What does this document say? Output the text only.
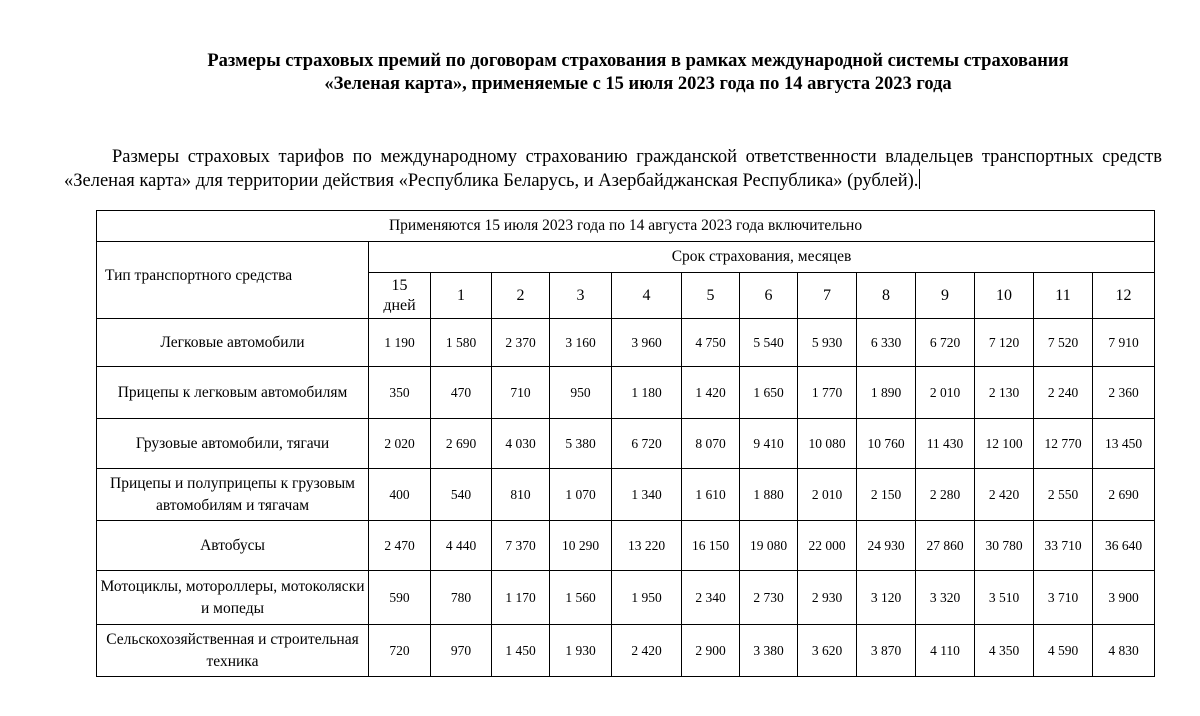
Размеры страховых премий по договорам страхования в рамках международной системы страхования
«Зеленая карта», применяемые с 15 июля 2023 года по 14 августа 2023 года
Размеры страховых тарифов по международному страхованию гражданской ответственности владельцев транспортных средств «Зеленая карта» для территории действия «Республика Беларусь, и Азербайджанская Республика» (рублей).
Применяются 15 июля 2023 года по 14 августа 2023 года включительно													
Тип транспортного средства	Срок страхования, месяцев												
	15 дней	1	2	3	4	5	6	7	8	9	10	11	12
Легковые автомобили	1 190	1 580	2 370	3 160	3 960	4 750	5 540	5 930	6 330	6 720	7 120	7 520	7 910
Прицепы к легковым автомобилям	350	470	710	950	1 180	1 420	1 650	1 770	1 890	2 010	2 130	2 240	2 360
Грузовые автомобили, тягачи	2 020	2 690	4 030	5 380	6 720	8 070	9 410	10 080	10 760	11 430	12 100	12 770	13 450
Прицепы и полуприцепы к грузовым автомобилям и тягачам	400	540	810	1 070	1 340	1 610	1 880	2 010	2 150	2 280	2 420	2 550	2 690
Автобусы	2 470	4 440	7 370	10 290	13 220	16 150	19 080	22 000	24 930	27 860	30 780	33 710	36 640
Мотоциклы, мотороллеры, мотоколяски и мопеды	590	780	1 170	1 560	1 950	2 340	2 730	2 930	3 120	3 320	3 510	3 710	3 900
Сельскохозяйственная и строительная техника	720	970	1 450	1 930	2 420	2 900	3 380	3 620	3 870	4 110	4 350	4 590	4 830
